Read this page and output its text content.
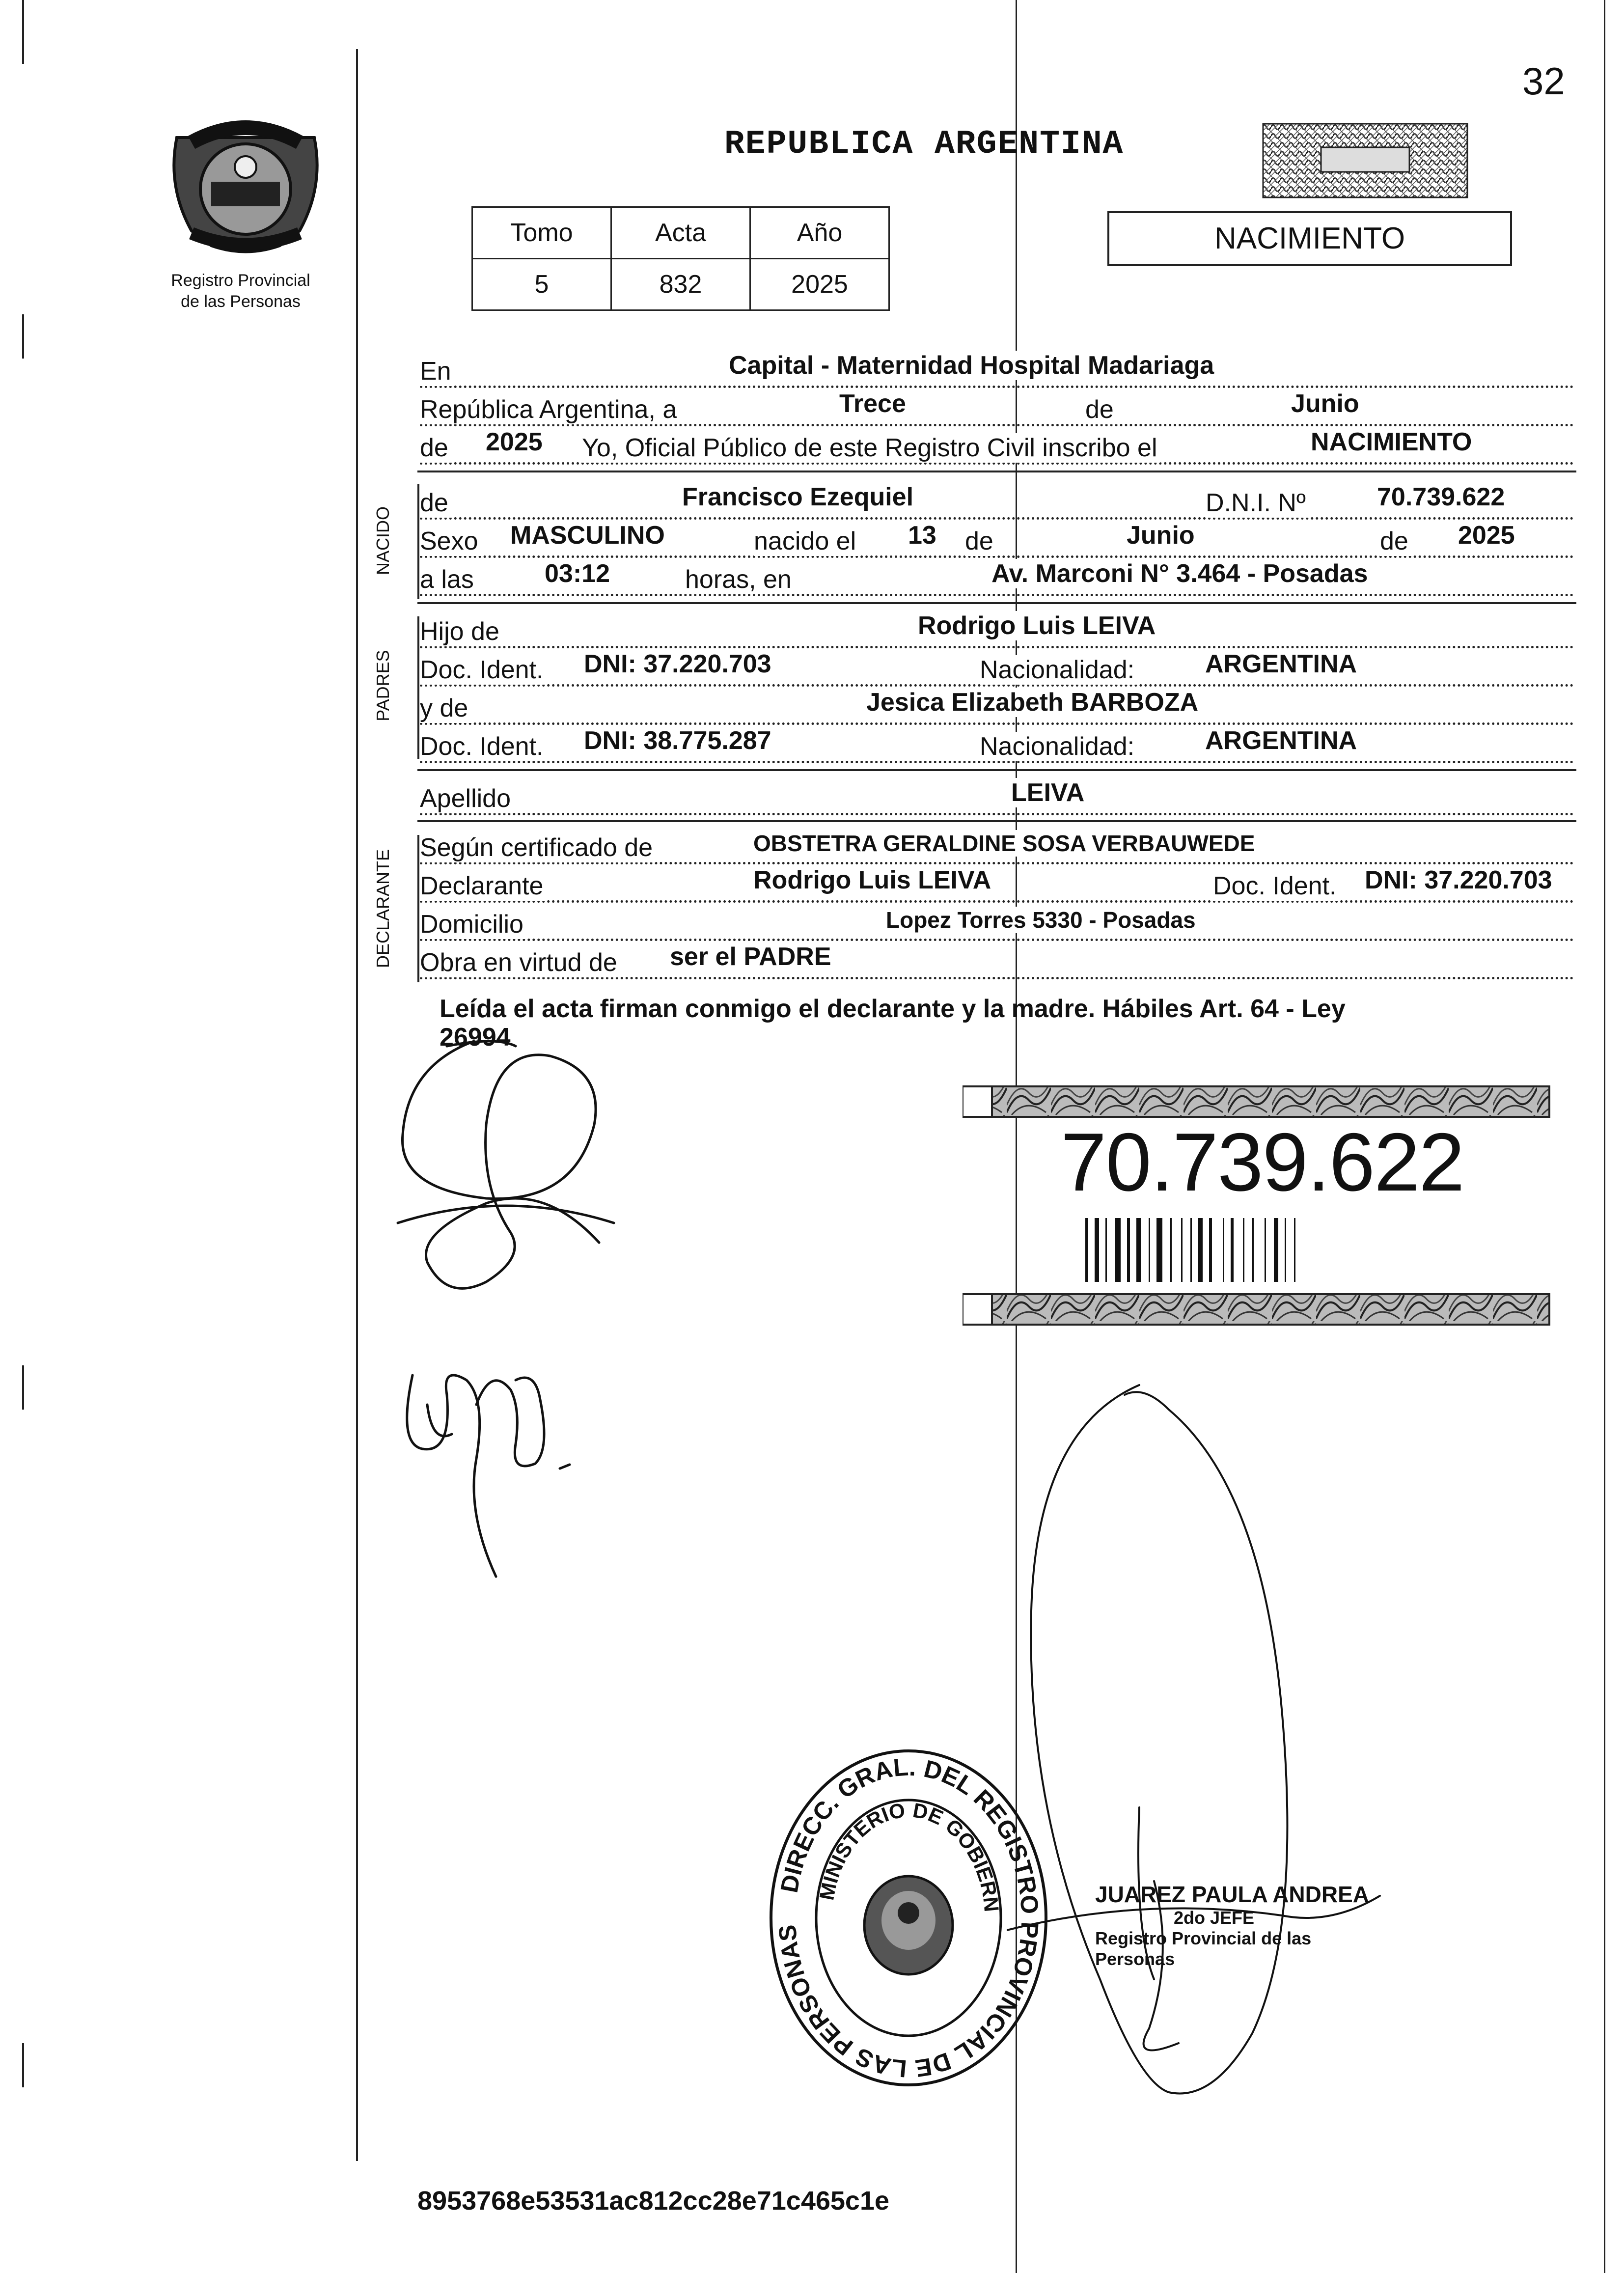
32
Registro Provincial
de las Personas
REPUBLICA ARGENTINA
Tomo	Acta	Año
5	832	2025
NACIMIENTO
En	Capital - Maternidad Hospital Madariaga
República Argentina, a	Trece	de	Junio
de 2025 Yo, Oficial Público de este Registro Civil inscribo el	NACIMIENTO
NACIDO
de	Francisco Ezequiel	D.N.I. Nº	70.739.622
Sexo MASCULINO	nacido el 13 de	Junio	de 2025
a las	03:12	horas, en	Av. Marconi N° 3.464 - Posadas
PADRES
Hijo de	Rodrigo Luis LEIVA
Doc. Ident. DNI: 37.220.703	Nacionalidad:	ARGENTINA
y de	Jesica Elizabeth BARBOZA
Doc. Ident. DNI: 38.775.287	Nacionalidad:	ARGENTINA
Apellido	LEIVA
DECLARANTE
Según certificado de	OBSTETRA GERALDINE SOSA VERBAUWEDE
Declarante	Rodrigo Luis LEIVA	Doc. Ident. DNI: 37.220.703
Domicilio	Lopez Torres 5330 - Posadas
Obra en virtud de ser el PADRE
Leída el acta firman conmigo el declarante y la madre. Hábiles Art. 64 - Ley
26994
70.739.622
DIRECC. GRAL. DEL REGISTRO PROVINCIAL DE LAS PERSONAS
MINISTERIO DE GOBIERN	JUAREZ PAULA ANDREA
2do JEFE
Registro Provincial de las Personas
8953768e53531ac812cc28e71c465c1e
